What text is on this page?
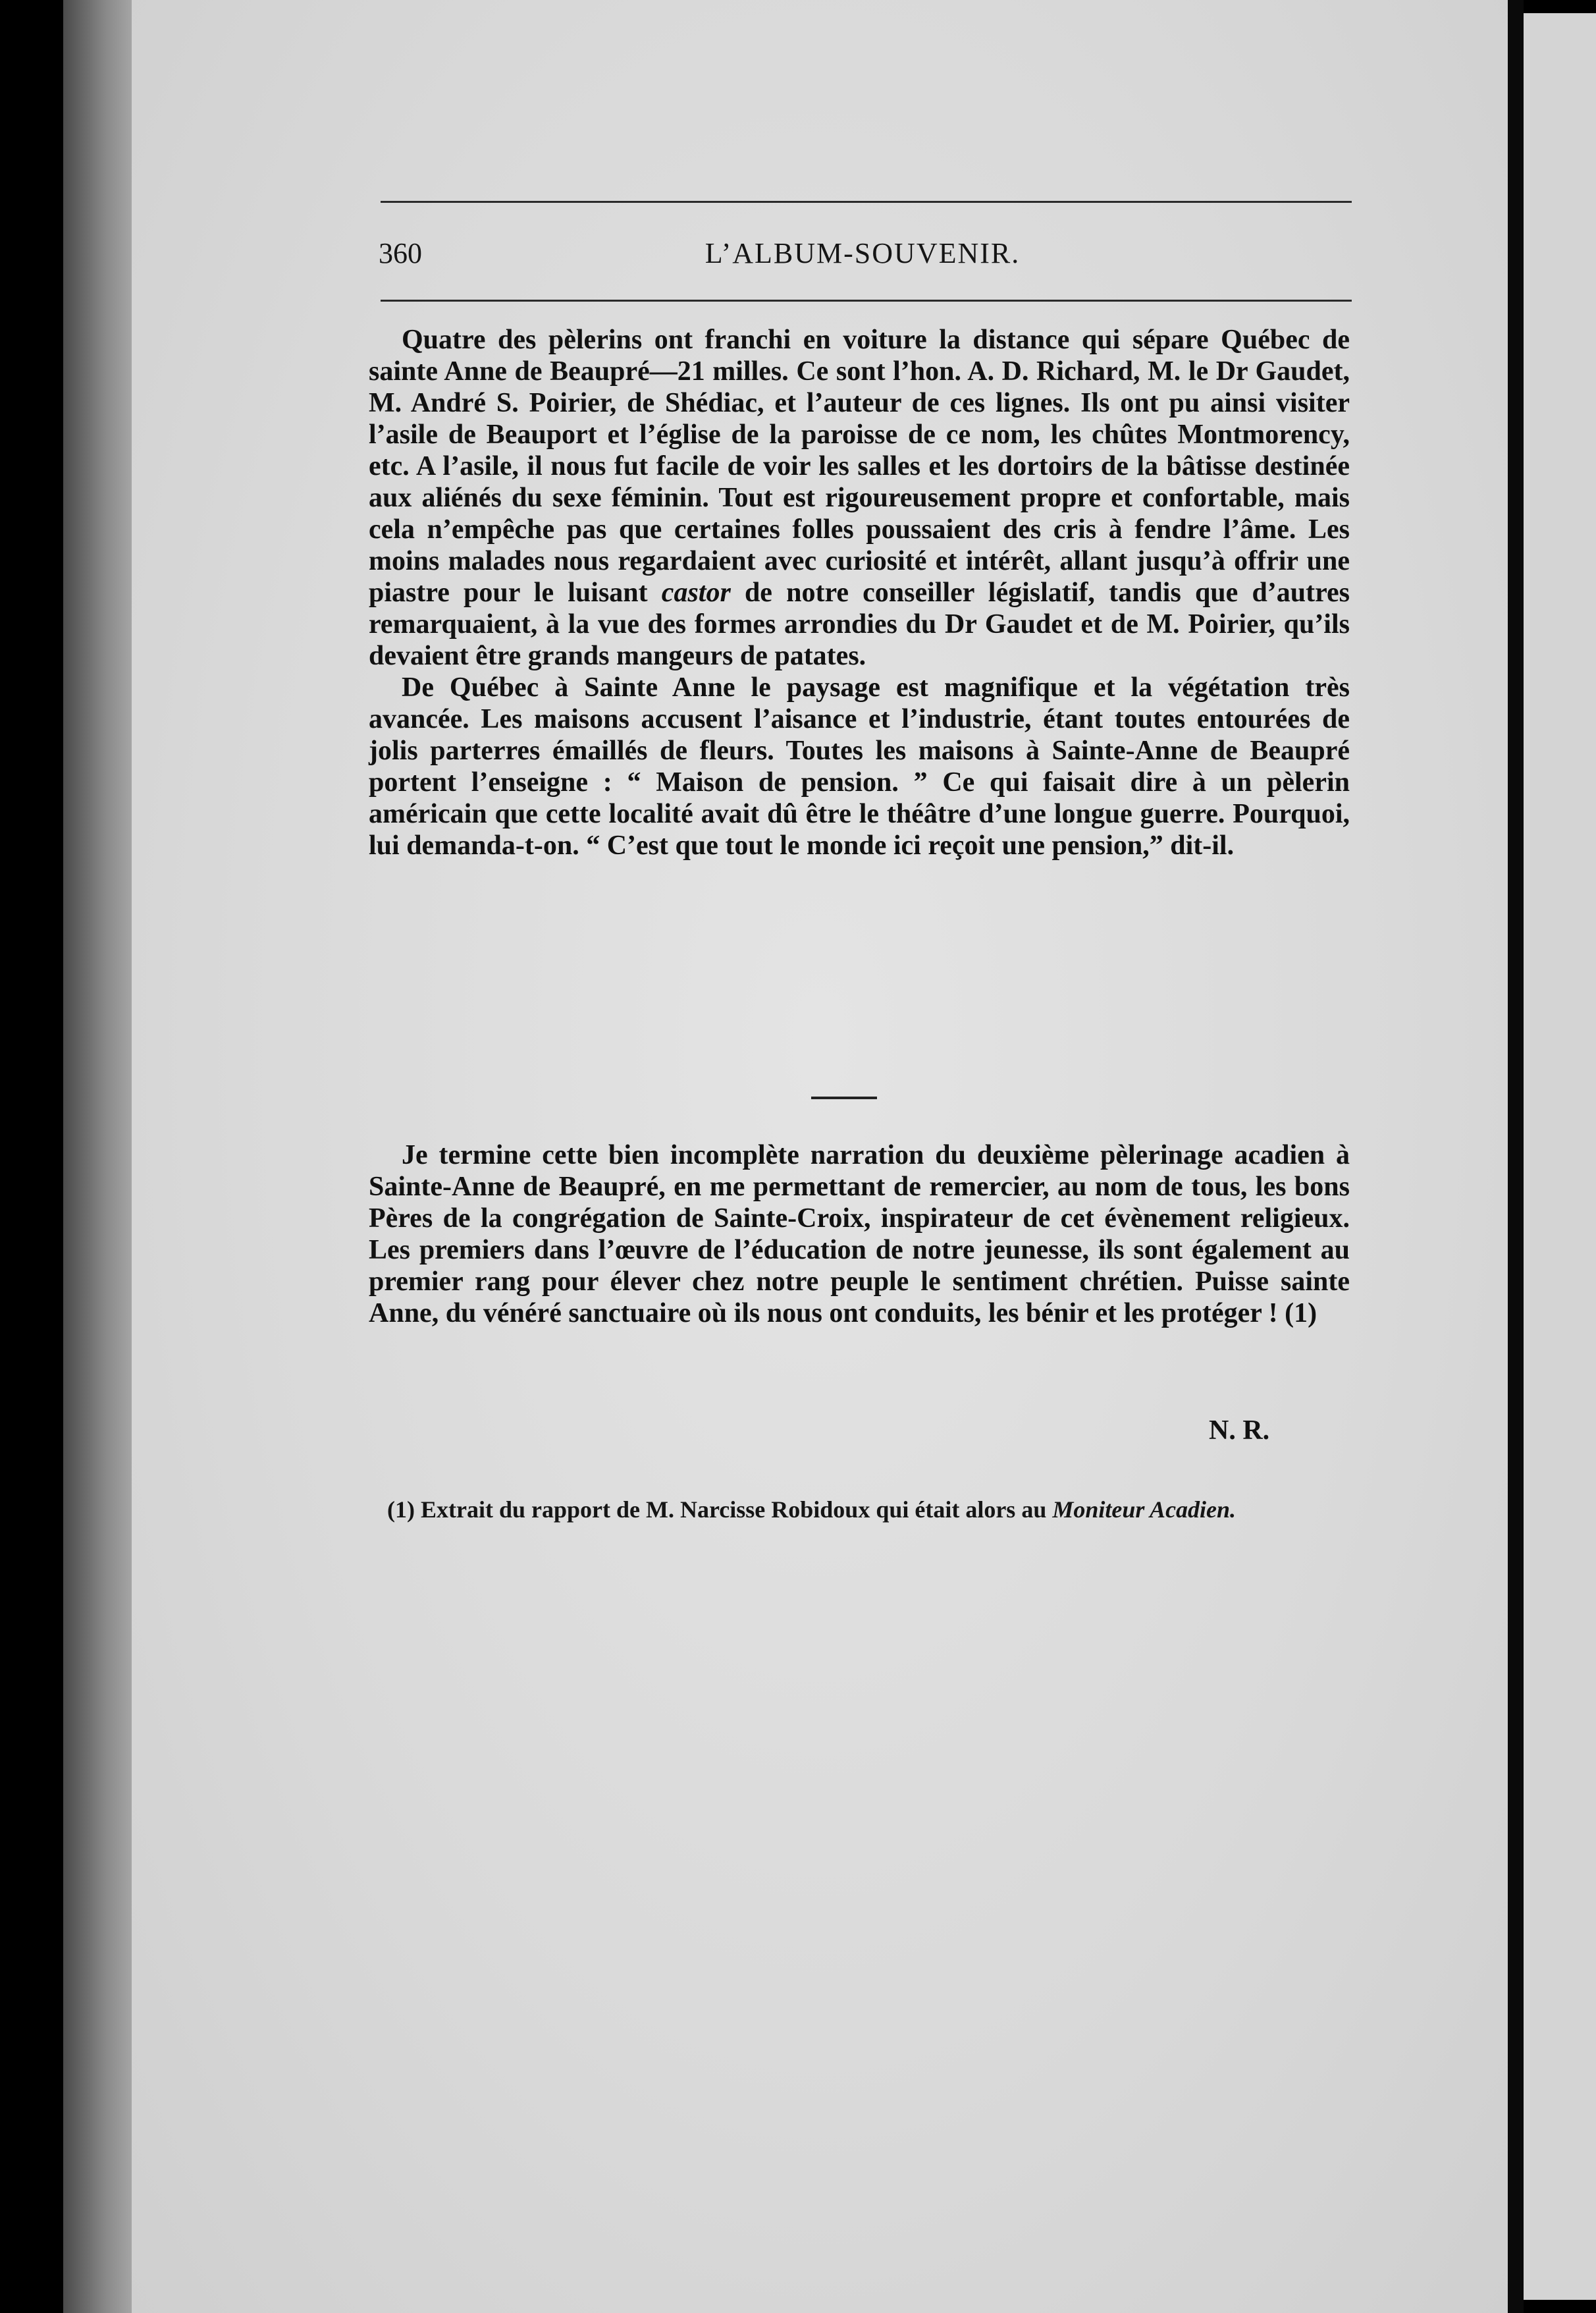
360	L’ALBUM-SOUVENIR.

Quatre des pèlerins ont franchi en voiture la distance qui sépare Québec de sainte Anne de Beaupré—21 milles. Ce sont l’hon. A. D. Richard, M. le Dr Gaudet, M. André S. Poirier, de Shédiac, et l’auteur de ces lignes. Ils ont pu ainsi visiter l’asile de Beauport et l’église de la paroisse de ce nom, les chûtes Montmorency, etc. A l’asile, il nous fut facile de voir les salles et les dortoirs de la bâtisse destinée aux aliénés du sexe féminin. Tout est rigoureusement propre et confortable, mais cela n’empêche pas que certaines folles poussaient des cris à fendre l’âme. Les moins malades nous regardaient avec curiosité et intérêt, allant jusqu’à offrir une piastre pour le luisant castor de notre conseiller législatif, tandis que d’autres remarquaient, à la vue des formes arrondies du Dr Gaudet et de M. Poirier, qu’ils devaient être grands mangeurs de patates.

De Québec à Sainte Anne le paysage est magnifique et la végétation très avancée. Les maisons accusent l’aisance et l’industrie, étant toutes entourées de jolis parterres émaillés de fleurs. Toutes les maisons à Sainte-Anne de Beaupré portent l’enseigne : “ Maison de pension. ” Ce qui faisait dire à un pèlerin américain que cette localité avait dû être le théâtre d’une longue guerre. Pourquoi, lui demanda-t-on. “ C’est que tout le monde ici reçoit une pension,” dit-il.

Je termine cette bien incomplète narration du deuxième pèlerinage acadien à Sainte-Anne de Beaupré, en me permettant de remercier, au nom de tous, les bons Pères de la congrégation de Sainte-Croix, inspirateur de cet évènement religieux. Les premiers dans l’œuvre de l’éducation de notre jeunesse, ils sont également au premier rang pour élever chez notre peuple le sentiment chrétien. Puisse sainte Anne, du vénéré sanctuaire où ils nous ont conduits, les bénir et les protéger ! (1)

N. R.
(1) Extrait du rapport de M. Narcisse Robidoux qui était alors au Moniteur Acadien.
